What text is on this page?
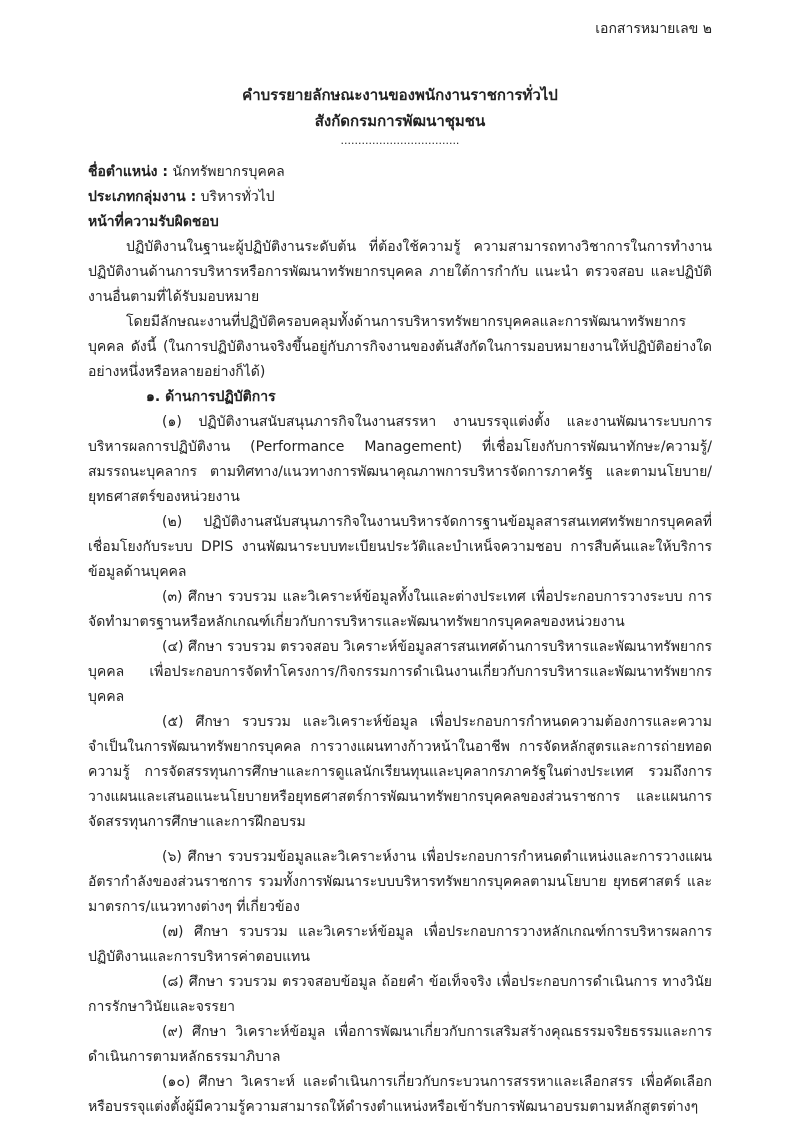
เอกสารหมายเลข ๒
คำบรรยายลักษณะงานของพนักงานราชการทั่วไป
สังกัดกรมการพัฒนาชุมชน
..................................

ชื่อตำแหน่ง : นักทรัพยากรบุคคล

ประเภทกลุ่มงาน : บริหารทั่วไป

หน้าที่ความรับผิดชอบ

ปฏิบัติงานในฐานะผู้ปฏิบัติงานระดับต้น ที่ต้องใช้ความรู้ ความสามารถทางวิชาการในการทำงาน ปฏิบัติงานด้านการบริหารหรือการพัฒนาทรัพยากรบุคคล ภายใต้การกำกับ แนะนำ ตรวจสอบ และปฏิบัติงานอื่นตามที่ได้รับมอบหมาย

โดยมีลักษณะงานที่ปฏิบัติครอบคลุมทั้งด้านการบริหารทรัพยากรบุคคลและการพัฒนาทรัพยากรบุคคล ดังนี้ (ในการปฏิบัติงานจริงขึ้นอยู่กับภารกิจงานของต้นสังกัดในการมอบหมายงานให้ปฏิบัติอย่างใดอย่างหนึ่งหรือหลายอย่างก็ได้)

๑. ด้านการปฏิบัติการ

(๑) ปฏิบัติงานสนับสนุนภารกิจในงานสรรหา งานบรรจุแต่งตั้ง และงานพัฒนาระบบการบริหารผลการปฏิบัติงาน (Performance Management) ที่เชื่อมโยงกับการพัฒนาทักษะ/ความรู้/สมรรถนะบุคลากร ตามทิศทาง/แนวทางการพัฒนาคุณภาพการบริหารจัดการภาครัฐ และตามนโยบาย/ยุทธศาสตร์ของหน่วยงาน

(๒) ปฏิบัติงานสนับสนุนภารกิจในงานบริหารจัดการฐานข้อมูลสารสนเทศทรัพยากรบุคคลที่เชื่อมโยงกับระบบ DPIS งานพัฒนาระบบทะเบียนประวัติและบำเหน็จความชอบ การสืบค้นและให้บริการข้อมูลด้านบุคคล

(๓) ศึกษา รวบรวม และวิเคราะห์ข้อมูลทั้งในและต่างประเทศ เพื่อประกอบการวางระบบ การจัดทำมาตรฐานหรือหลักเกณฑ์เกี่ยวกับการบริหารและพัฒนาทรัพยากรบุคคลของหน่วยงาน

(๔) ศึกษา รวบรวม ตรวจสอบ วิเคราะห์ข้อมูลสารสนเทศด้านการบริหารและพัฒนาทรัพยากรบุคคล เพื่อประกอบการจัดทำโครงการ/กิจกรรมการดำเนินงานเกี่ยวกับการบริหารและพัฒนาทรัพยากรบุคคล

(๕) ศึกษา รวบรวม และวิเคราะห์ข้อมูล เพื่อประกอบการกำหนดความต้องการและความจำเป็นในการพัฒนาทรัพยากรบุคคล การวางแผนทางก้าวหน้าในอาชีพ การจัดหลักสูตรและการถ่ายทอดความรู้ การจัดสรรทุนการศึกษาและการดูแลนักเรียนทุนและบุคลากรภาครัฐในต่างประเทศ รวมถึงการวางแผนและเสนอแนะนโยบายหรือยุทธศาสตร์การพัฒนาทรัพยากรบุคคลของส่วนราชการ และแผนการจัดสรรทุนการศึกษาและการฝึกอบรม

(๖) ศึกษา รวบรวมข้อมูลและวิเคราะห์งาน เพื่อประกอบการกำหนดตำแหน่งและการวางแผนอัตรากำลังของส่วนราชการ รวมทั้งการพัฒนาระบบบริหารทรัพยากรบุคคลตามนโยบาย ยุทธศาสตร์ และมาตรการ/แนวทางต่างๆ ที่เกี่ยวข้อง

(๗) ศึกษา รวบรวม และวิเคราะห์ข้อมูล เพื่อประกอบการวางหลักเกณฑ์การบริหารผลการปฏิบัติงานและการบริหารค่าตอบแทน

(๘) ศึกษา รวบรวม ตรวจสอบข้อมูล ถ้อยคำ ข้อเท็จจริง เพื่อประกอบการดำเนินการ ทางวินัย การรักษาวินัยและจรรยา

(๙) ศึกษา วิเคราะห์ข้อมูล เพื่อการพัฒนาเกี่ยวกับการเสริมสร้างคุณธรรมจริยธรรมและการดำเนินการตามหลักธรรมาภิบาล

(๑๐) ศึกษา วิเคราะห์ และดำเนินการเกี่ยวกับกระบวนการสรรหาและเลือกสรร เพื่อคัดเลือกหรือบรรจุแต่งตั้งผู้มีความรู้ความสามารถให้ดำรงตำแหน่งหรือเข้ารับการพัฒนาอบรมตามหลักสูตรต่างๆ
